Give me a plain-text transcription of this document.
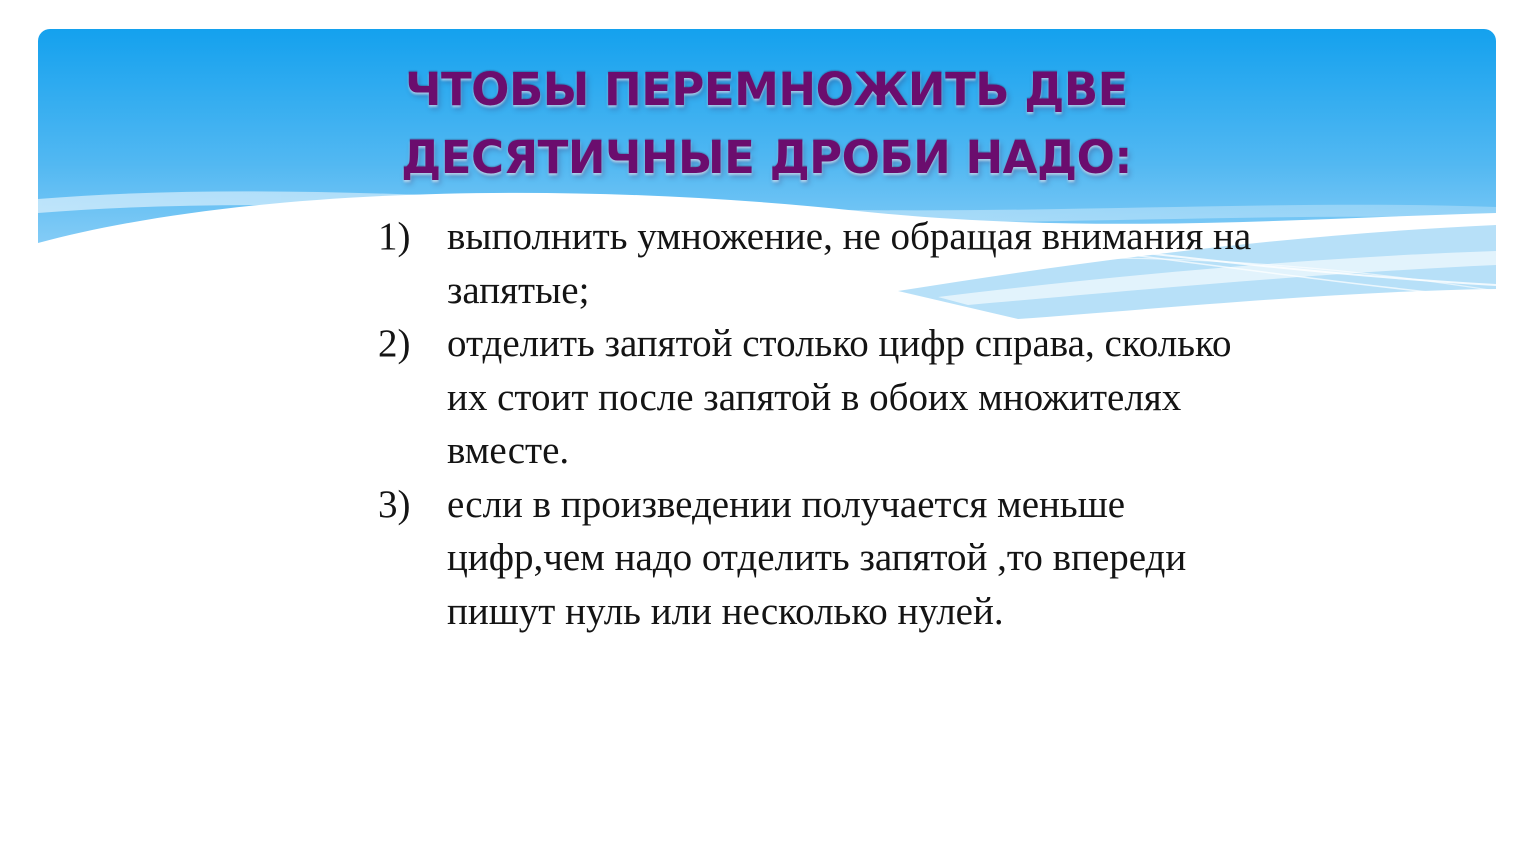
ЧТОБЫ ПЕРЕМНОЖИТЬ ДВЕ
ДЕСЯТИЧНЫЕ ДРОБИ НАДО:
1) выполнить умножение, не обращая внимания на запятые;
2) отделить запятой столько цифр справа, сколько их стоит после запятой в обоих множителях вместе.
3) если в произведении получается меньше цифр,чем надо отделить запятой ,то впереди пишут нуль или несколько нулей.
